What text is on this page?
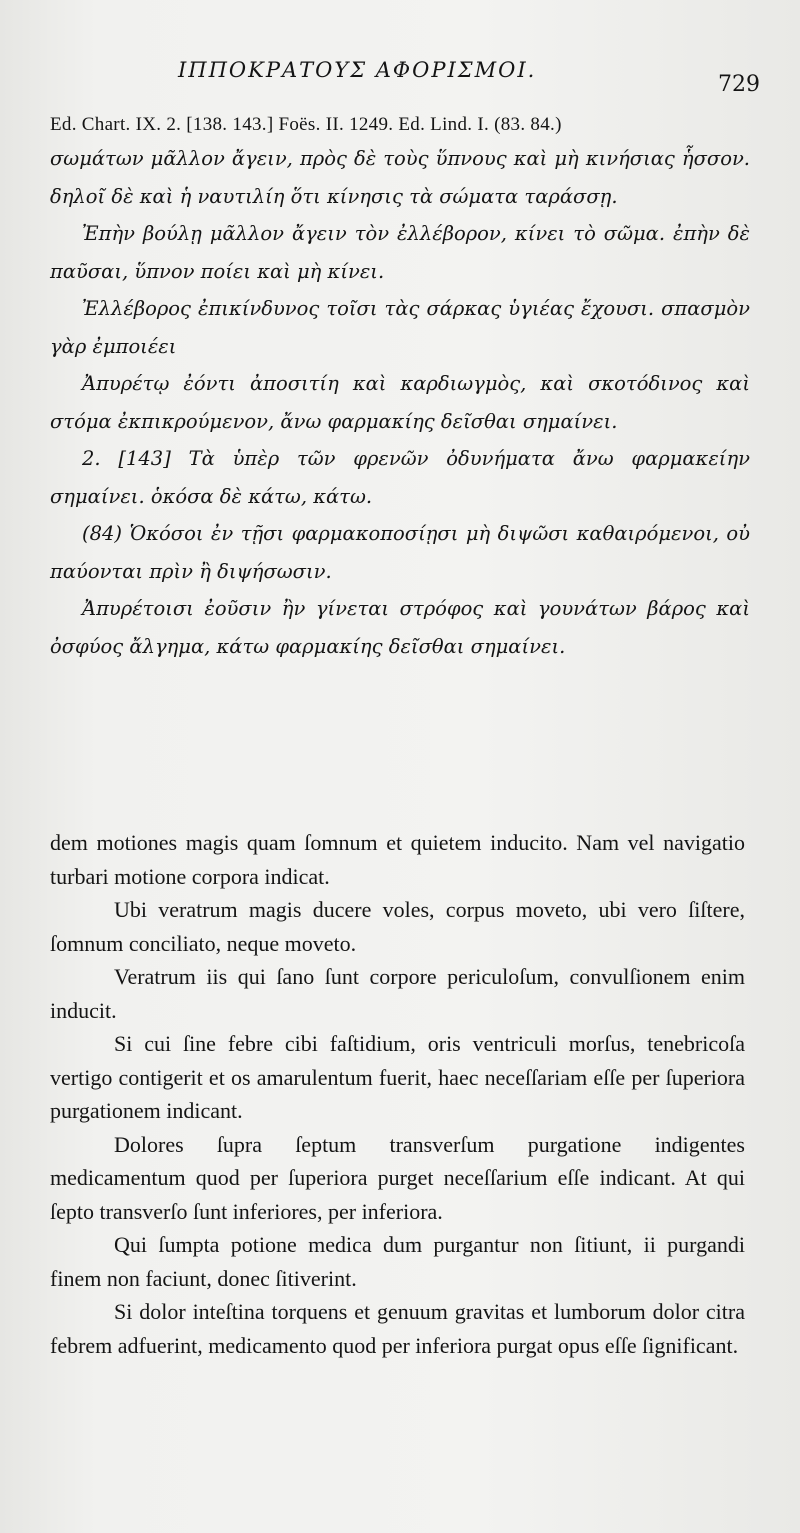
ΙΠΠΟΚΡΑΤΟΥΣ ΑΦΟΡΙΣΜΟΙ.
729
Ed. Chart. IX. 2. [138. 143.] Foës. II. 1249. Ed. Lind. I. (83. 84.)

σωμάτων μᾶλλον ἄγειν, πρὸς δὲ τοὺς ὕπνους καὶ μὴ κινήσιας ἧσσον. δηλοῖ δὲ καὶ ἡ ναυτιλίη ὅτι κίνησις τὰ σώματα ταράσσῃ.

Ἐπὴν βούλῃ μᾶλλον ἄγειν τὸν ἐλλέβορον, κίνει τὸ σῶμα. ἐπὴν δὲ παῦσαι, ὕπνον ποίει καὶ μὴ κίνει.

Ἐλλέβορος ἐπικίνδυνος τοῖσι τὰς σάρκας ὑγιέας ἔχουσι. σπασμὸν γὰρ ἐμποιέει

Ἀπυρέτῳ ἐόντι ἀποσιτίη καὶ καρδιωγμὸς, καὶ σκοτόδινος καὶ στόμα ἐκπικρούμενον, ἄνω φαρμακίης δεῖσθαι σημαίνει.

2. [143] Τὰ ὑπὲρ τῶν φρενῶν ὀδυνήματα ἄνω φαρμακείην σημαίνει. ὁκόσα δὲ κάτω, κάτω.

(84) Ὁκόσοι ἐν τῇσι φαρμακοποσίῃσι μὴ διψῶσι καθαιρόμενοι, οὐ παύονται πρὶν ἢ διψήσωσιν.

Ἀπυρέτοισι ἐοῦσιν ἢν γίνεται στρόφος καὶ γουνάτων βάρος καὶ ὀσφύος ἄλγημα, κάτω φαρμακίης δεῖσθαι σημαίνει.

dem motiones magis quam ſomnum et quietem inducito. Nam vel navigatio turbari motione corpora indicat.

Ubi veratrum magis ducere voles, corpus moveto, ubi vero ſiſtere, ſomnum conciliato, neque moveto.

Veratrum iis qui ſano ſunt corpore periculoſum, convulſionem enim inducit.

Si cui ſine febre cibi faſtidium, oris ventriculi morſus, tenebricoſa vertigo contigerit et os amarulentum fuerit, haec neceſſariam eſſe per ſuperiora purgationem indicant.

Dolores ſupra ſeptum transverſum purgatione indigentes medicamentum quod per ſuperiora purget neceſſarium eſſe indicant. At qui ſepto transverſo ſunt inferiores, per inferiora.

Qui ſumpta potione medica dum purgantur non ſitiunt, ii purgandi finem non faciunt, donec ſitiverint.

Si dolor inteſtina torquens et genuum gravitas et lumborum dolor citra febrem adfuerint, medicamento quod per inferiora purgat opus eſſe ſignificant.
